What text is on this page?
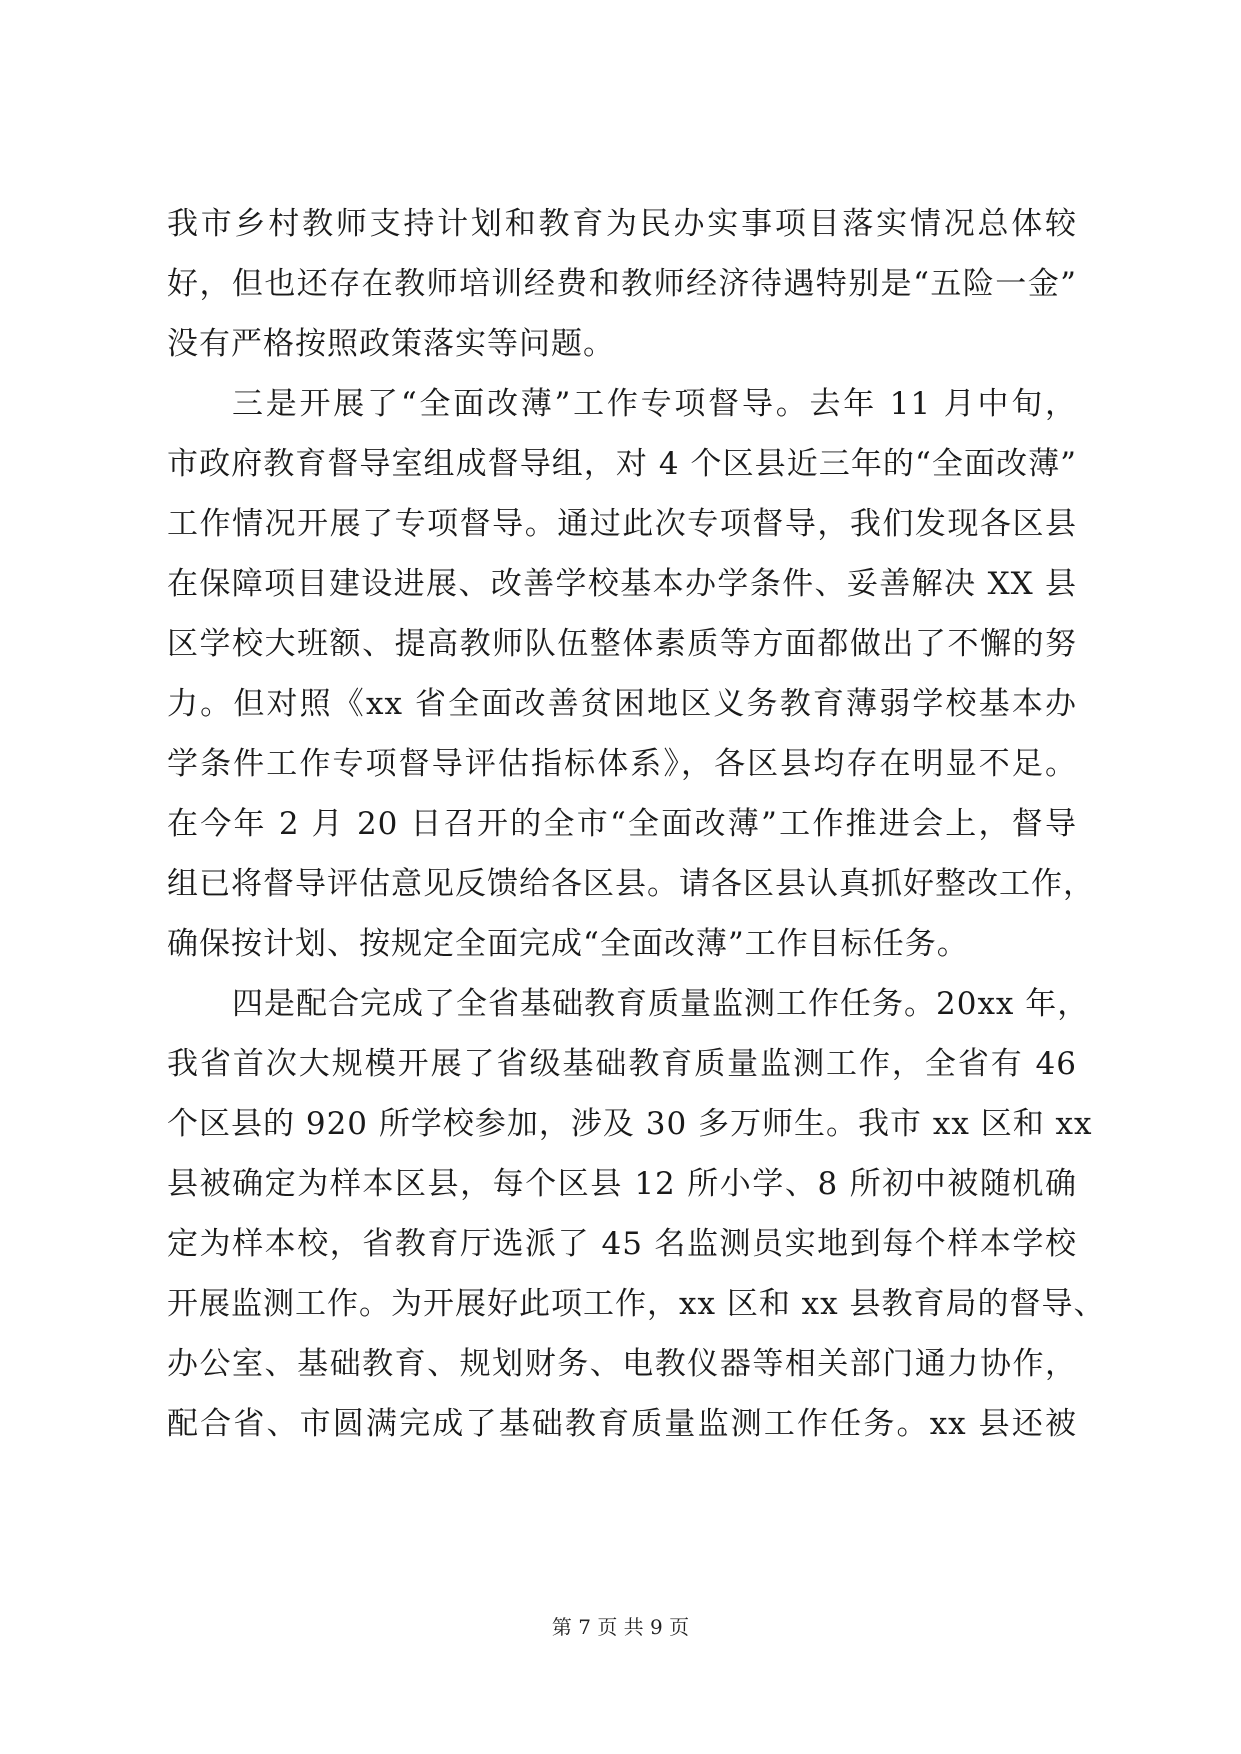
我市乡村教师支持计划和教育为民办实事项目落实情况总体较
好，但也还存在教师培训经费和教师经济待遇特别是“五险一金”
没有严格按照政策落实等问题。
三是开展了“全面改薄”工作专项督导。去年 11 月中旬，
市政府教育督导室组成督导组，对 4 个区县近三年的“全面改薄”
工作情况开展了专项督导。通过此次专项督导，我们发现各区县
在保障项目建设进展、改善学校基本办学条件、妥善解决 XX 县
区学校大班额、提高教师队伍整体素质等方面都做出了不懈的努
力。但对照《xx 省全面改善贫困地区义务教育薄弱学校基本办
学条件工作专项督导评估指标体系》，各区县均存在明显不足。
在今年 2 月 20 日召开的全市“全面改薄”工作推进会上，督导
组已将督导评估意见反馈给各区县。请各区县认真抓好整改工作，
确保按计划、按规定全面完成“全面改薄”工作目标任务。
四是配合完成了全省基础教育质量监测工作任务。20xx 年，
我省首次大规模开展了省级基础教育质量监测工作，全省有 46
个区县的 920 所学校参加，涉及 30 多万师生。我市 xx 区和 xx
县被确定为样本区县，每个区县 12 所小学、8 所初中被随机确
定为样本校，省教育厅选派了 45 名监测员实地到每个样本学校
开展监测工作。为开展好此项工作，xx 区和 xx 县教育局的督导、
办公室、基础教育、规划财务、电教仪器等相关部门通力协作，
配合省、市圆满完成了基础教育质量监测工作任务。xx 县还被
第 7 页 共 9 页
